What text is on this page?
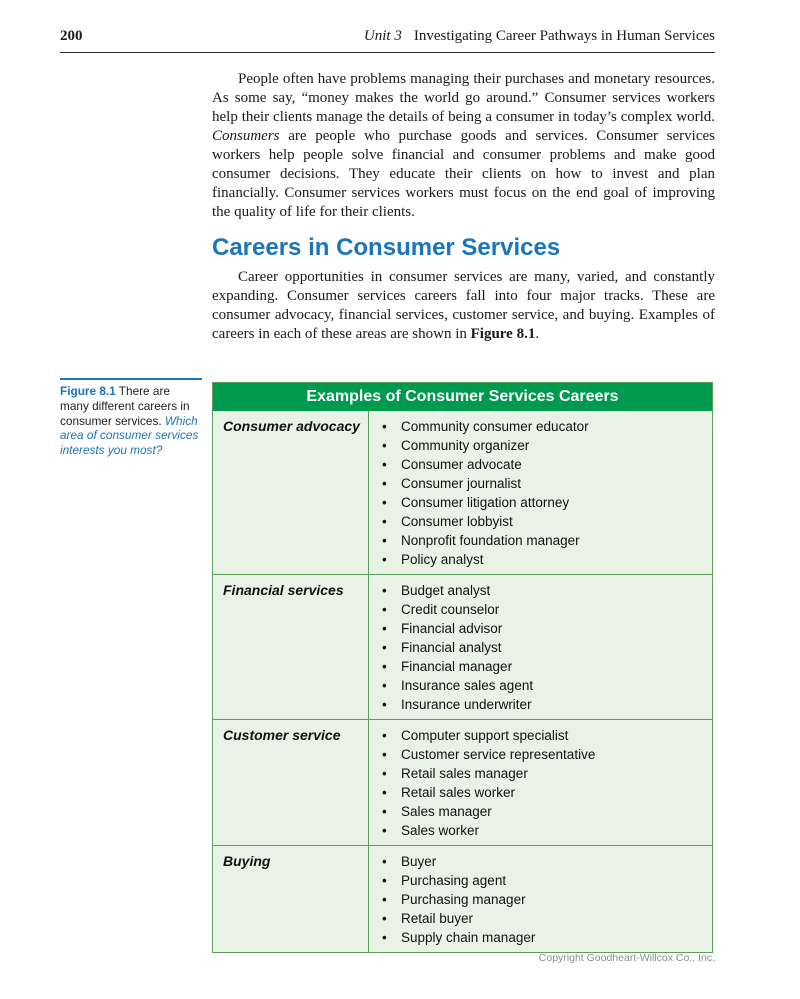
200	Unit 3 Investigating Career Pathways in Human Services

People often have problems managing their purchases and monetary resources. As some say, “money makes the world go around.” Consumer services workers help their clients manage the details of being a consumer in today’s complex world. Consumers are people who purchase goods and services. Consumer services workers help people solve financial and consumer problems and make good consumer decisions. They educate their clients on how to invest and plan financially. Consumer services workers must focus on the end goal of improving the quality of life for their clients.

Careers in Consumer Services

Career opportunities in consumer services are many, varied, and constantly expanding. Consumer services careers fall into four major tracks. These are consumer advocacy, financial services, customer service, and buying. Examples of careers in each of these areas are shown in Figure 8.1.

Figure 8.1 There are many different careers in consumer services. Which area of consumer services interests you most?
Examples of Consumer Services Careers
Consumer advocacy	• Community consumer educator
• Community organizer
• Consumer advocate
• Consumer journalist
• Consumer litigation attorney
• Consumer lobbyist
• Nonprofit foundation manager
• Policy analyst
Financial services	• Budget analyst
• Credit counselor
• Financial advisor
• Financial analyst
• Financial manager
• Insurance sales agent
• Insurance underwriter
Customer service	• Computer support specialist
• Customer service representative
• Retail sales manager
• Retail sales worker
• Sales manager
• Sales worker
Buying	• Buyer
• Purchasing agent
• Purchasing manager
• Retail buyer
• Supply chain manager
Copyright Goodheart-Willcox Co., Inc.
